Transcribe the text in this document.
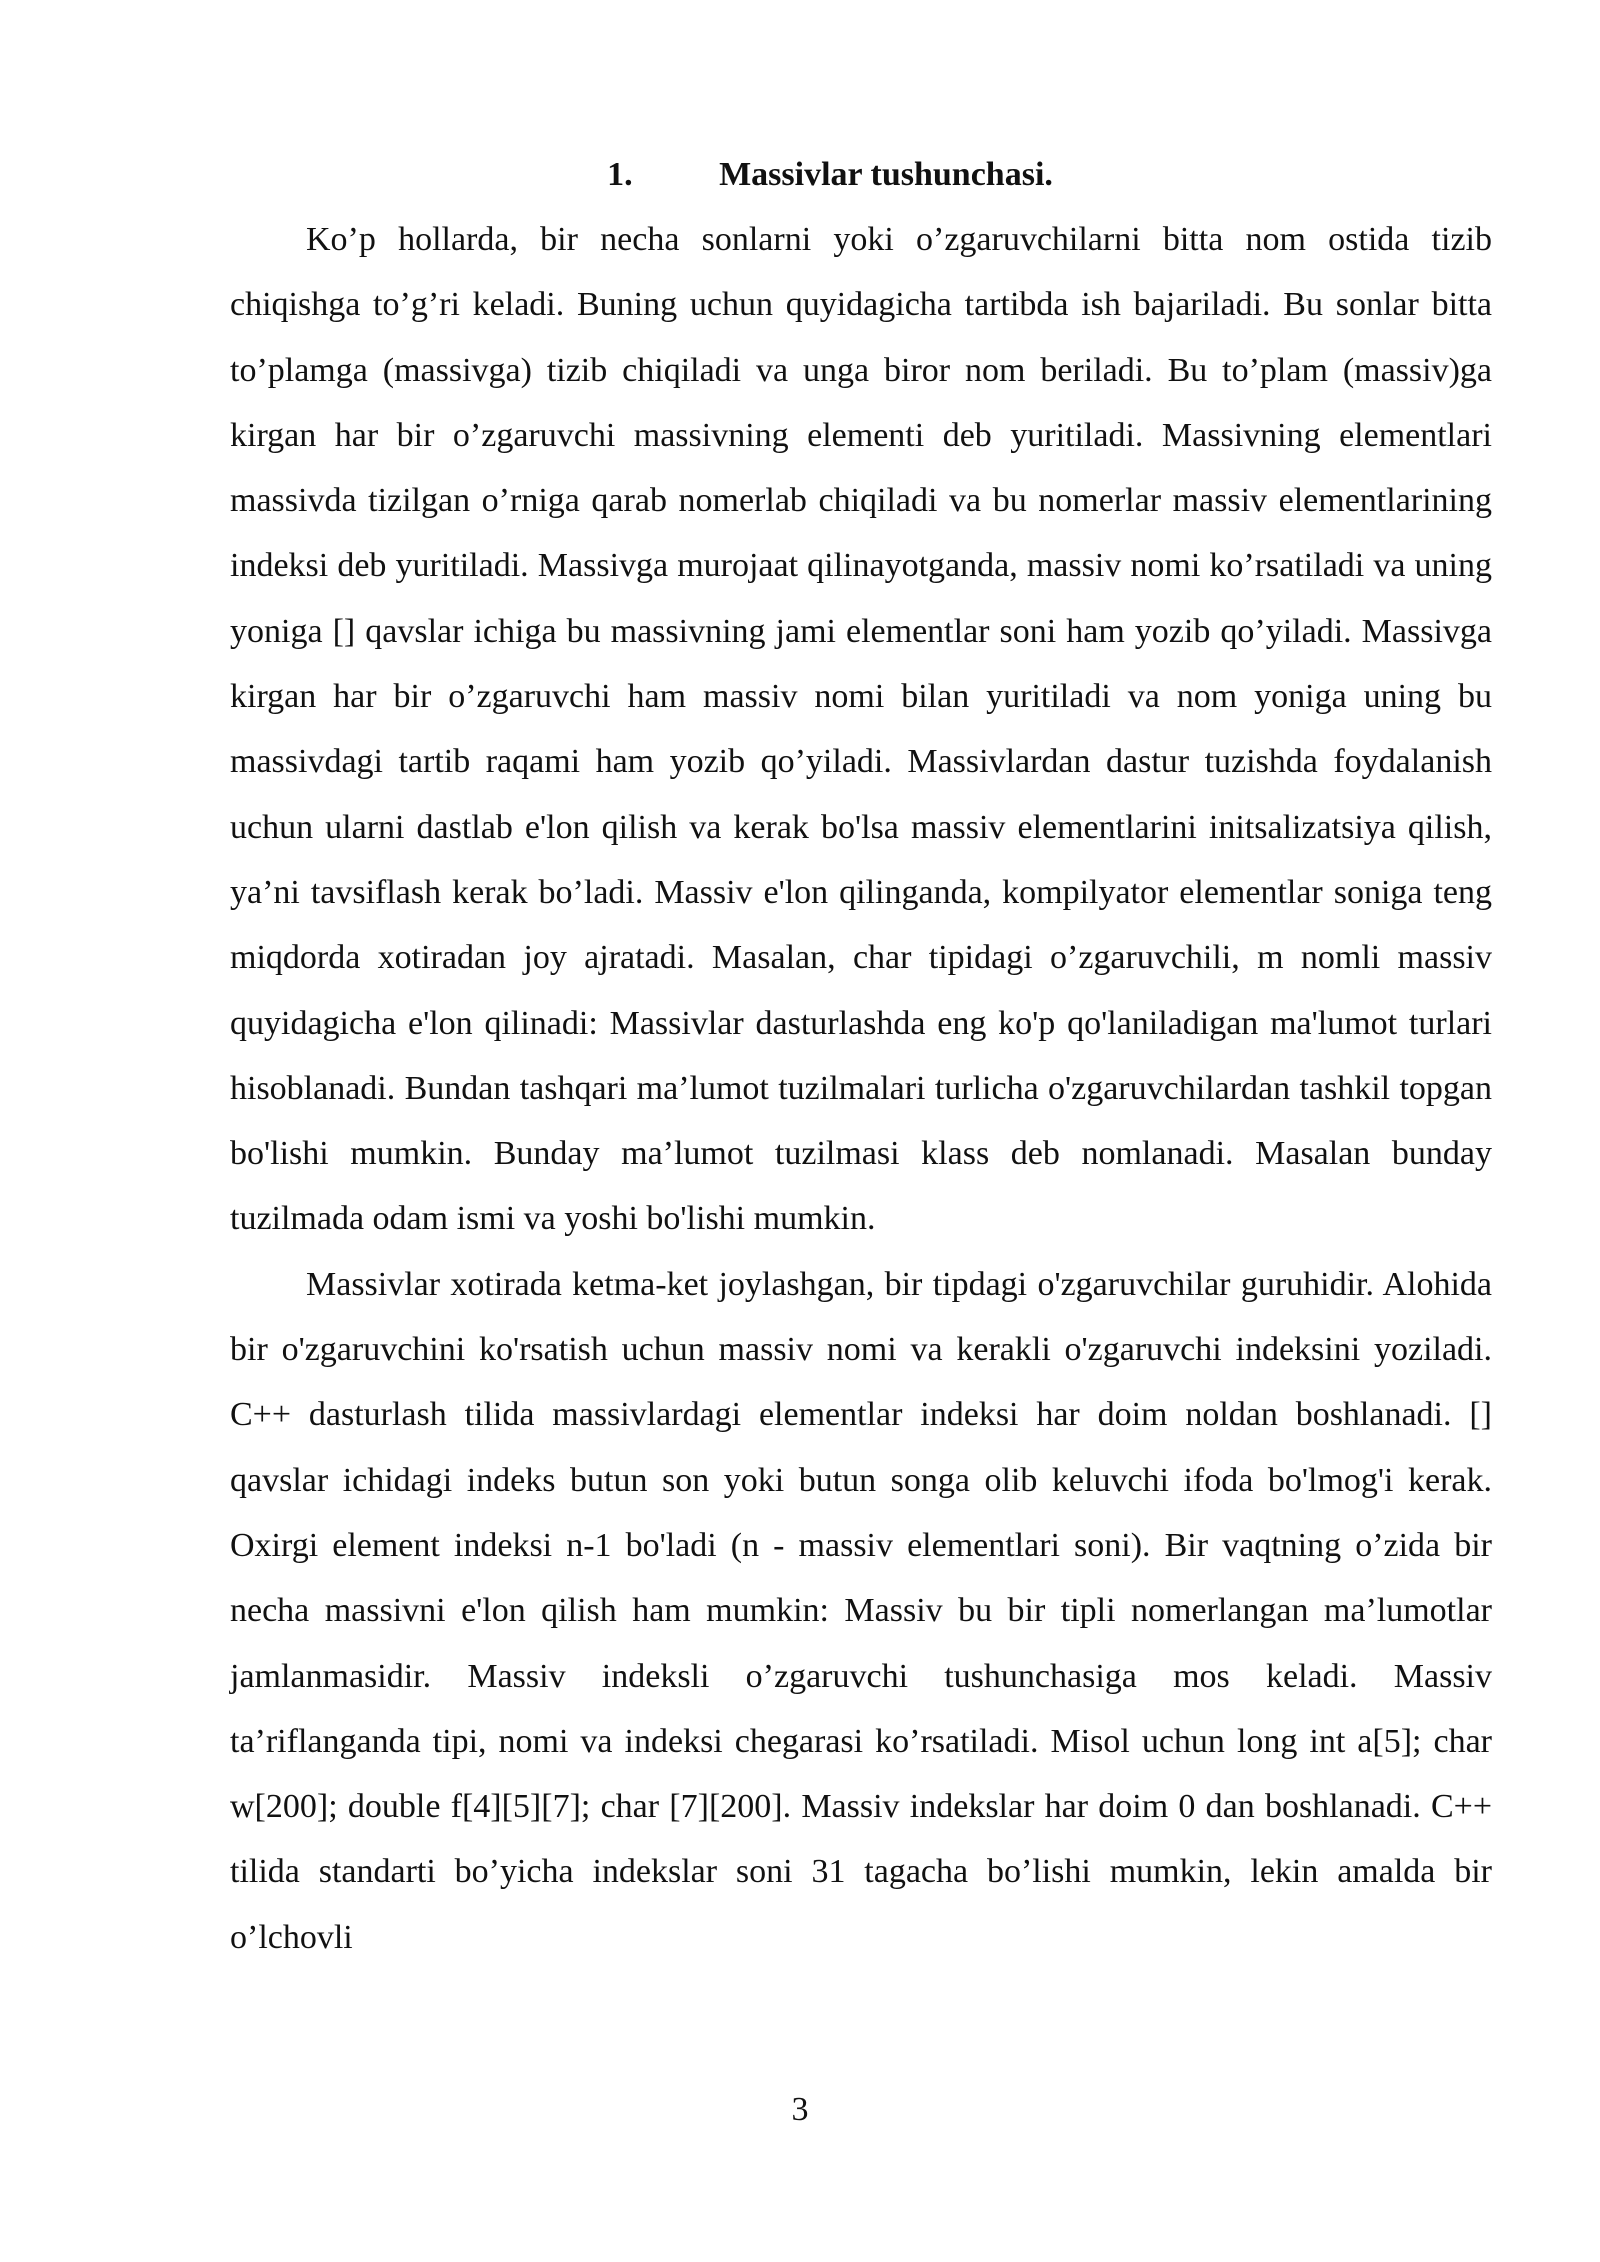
1.	Massivlar tushunchasi.

Ko’p hollarda, bir necha sonlarni yoki o’zgaruvchilarni bitta nom ostida tizib chiqishga to’g’ri keladi. Buning uchun quyidagicha tartibda ish bajariladi. Bu sonlar bitta to’plamga (massivga) tizib chiqiladi va unga biror nom beriladi. Bu to’plam (massiv)ga kirgan har bir o’zgaruvchi massivning elementi deb yuritiladi. Massivning elementlari massivda tizilgan o’rniga qarab nomerlab chiqiladi va bu nomerlar massiv elementlarining indeksi deb yuritiladi. Massivga murojaat qilinayotganda, massiv nomi ko’rsatiladi va uning yoniga [] qavslar ichiga bu massivning jami elementlar soni ham yozib qo’yiladi. Massivga kirgan har bir o’zgaruvchi ham massiv nomi bilan yuritiladi va nom yoniga uning bu massivdagi tartib raqami ham yozib qo’yiladi. Massivlardan dastur tuzishda foydalanish uchun ularni dastlab e'lon qilish va kerak bo'lsa massiv elementlarini initsalizatsiya qilish, ya’ni tavsiflash kerak bo’ladi. Massiv e'lon qilinganda, kompilyator elementlar soniga teng miqdorda xotiradan joy ajratadi. Masalan, char tipidagi o’zgaruvchili, m nomli massiv quyidagicha e'lon qilinadi: Massivlar dasturlashda eng ko'p qo'laniladigan ma'lumot turlari hisoblanadi. Bundan tashqari ma’lumot tuzilmalari turlicha o'zgaruvchilardan tashkil topgan bo'lishi mumkin. Bunday ma’lumot tuzilmasi klass deb nomlanadi. Masalan bunday tuzilmada odam ismi va yoshi bo'lishi mumkin.

Massivlar xotirada ketma-ket joylashgan, bir tipdagi o'zgaruvchilar guruhidir. Alohida bir o'zgaruvchini ko'rsatish uchun massiv nomi va kerakli o'zgaruvchi indeksini yoziladi. C++ dasturlash tilida massivlardagi elementlar indeksi har doim noldan boshlanadi. [] qavslar ichidagi indeks butun son yoki butun songa olib keluvchi ifoda bo'lmog'i kerak. Oxirgi element indeksi n-1 bo'ladi (n - massiv elementlari soni). Bir vaqtning o’zida bir necha massivni e'lon qilish ham mumkin: Massiv bu bir tipli nomerlangan ma’lumotlar jamlanmasidir. Massiv indeksli o’zgaruvchi tushunchasiga mos keladi. Massiv ta’riflanganda tipi, nomi va indeksi chegarasi ko’rsatiladi. Misol uchun long int a[5]; char w[200]; double f[4][5][7]; char [7][200]. Massiv indekslar har doim 0 dan boshlanadi. C++ tilida standarti bo’yicha indekslar soni 31 tagacha bo’lishi mumkin, lekin amalda bir o’lchovli

3
